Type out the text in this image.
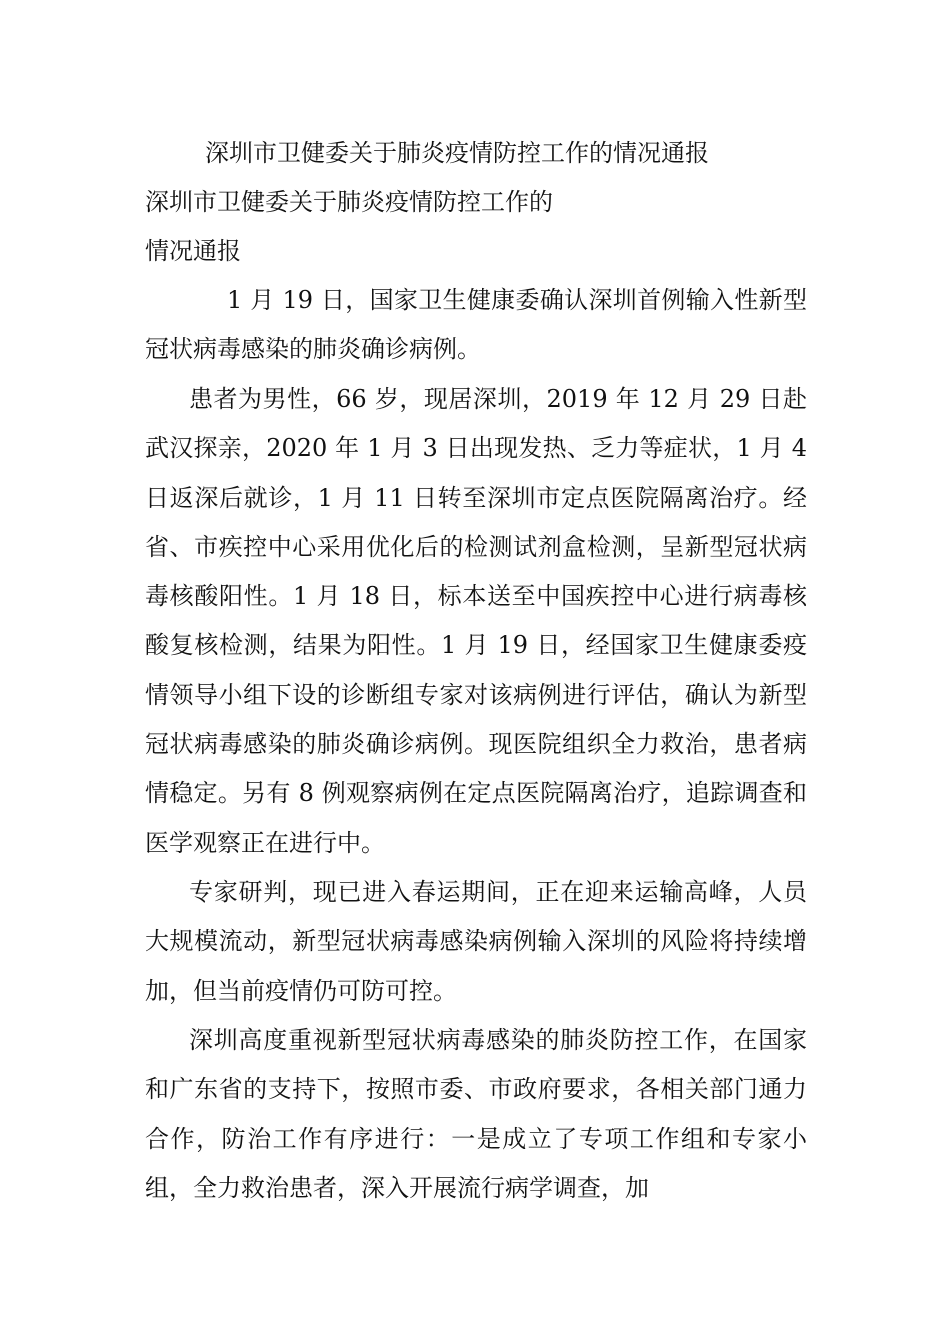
深圳市卫健委关于肺炎疫情防控工作的情况通报
深圳市卫健委关于肺炎疫情防控工作的
情况通报

1 月 19 日，国家卫生健康委确认深圳首例输入性新型冠状病毒感染的肺炎确诊病例。

患者为男性，66 岁，现居深圳，2019 年 12 月 29 日赴武汉探亲，2020 年 1 月 3 日出现发热、乏力等症状，1 月 4 日返深后就诊，1 月 11 日转至深圳市定点医院隔离治疗。经省、市疾控中心采用优化后的检测试剂盒检测，呈新型冠状病毒核酸阳性。1 月 18 日，标本送至中国疾控中心进行病毒核酸复核检测，结果为阳性。1 月 19 日，经国家卫生健康委疫情领导小组下设的诊断组专家对该病例进行评估，确认为新型冠状病毒感染的肺炎确诊病例。现医院组织全力救治，患者病情稳定。另有 8 例观察病例在定点医院隔离治疗，追踪调查和医学观察正在进行中。

专家研判，现已进入春运期间，正在迎来运输高峰，人员大规模流动，新型冠状病毒感染病例输入深圳的风险将持续增加，但当前疫情仍可防可控。

深圳高度重视新型冠状病毒感染的肺炎防控工作，在国家和广东省的支持下，按照市委、市政府要求，各相关部门通力合作，防治工作有序进行：一是成立了专项工作组和专家小组，全力救治患者，深入开展流行病学调查，加
